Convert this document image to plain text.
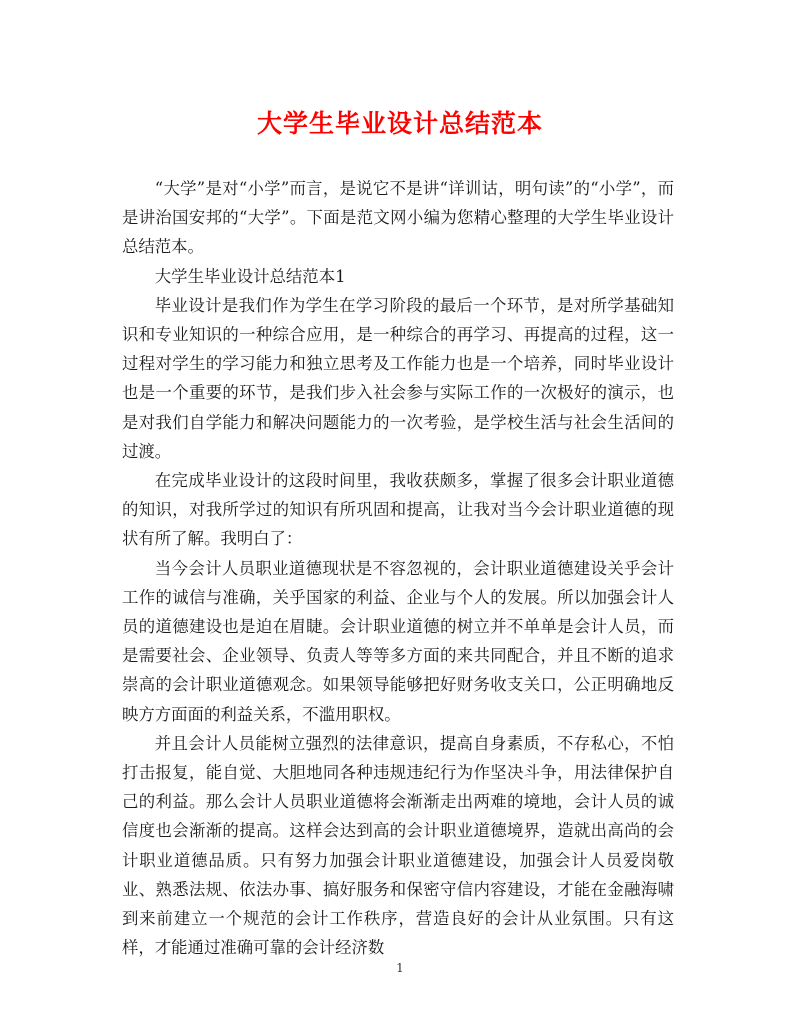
大学生毕业设计总结范本

“大学”是对“小学”而言，是说它不是讲“详训诂，明句读”的“小学”，而是讲治国安邦的“大学”。下面是范文网小编为您精心整理的大学生毕业设计总结范本。

大学生毕业设计总结范本1

毕业设计是我们作为学生在学习阶段的最后一个环节，是对所学基础知识和专业知识的一种综合应用，是一种综合的再学习、再提高的过程，这一过程对学生的学习能力和独立思考及工作能力也是一个培养，同时毕业设计也是一个重要的环节，是我们步入社会参与实际工作的一次极好的演示，也是对我们自学能力和解决问题能力的一次考验，是学校生活与社会生活间的过渡。

在完成毕业设计的这段时间里，我收获颇多，掌握了很多会计职业道德的知识，对我所学过的知识有所巩固和提高，让我对当今会计职业道德的现状有所了解。我明白了：

当今会计人员职业道德现状是不容忽视的，会计职业道德建设关乎会计工作的诚信与准确，关乎国家的利益、企业与个人的发展。所以加强会计人员的道德建设也是迫在眉睫。会计职业道德的树立并不单单是会计人员，而是需要社会、企业领导、负责人等等多方面的来共同配合，并且不断的追求崇高的会计职业道德观念。如果领导能够把好财务收支关口，公正明确地反映方方面面的利益关系，不滥用职权。

并且会计人员能树立强烈的法律意识，提高自身素质，不存私心，不怕打击报复，能自觉、大胆地同各种违规违纪行为作坚决斗争，用法律保护自己的利益。那么会计人员职业道德将会渐渐走出两难的境地，会计人员的诚信度也会渐渐的提高。这样会达到高的会计职业道德境界，造就出高尚的会计职业道德品质。只有努力加强会计职业道德建设，加强会计人员爱岗敬业、熟悉法规、依法办事、搞好服务和保密守信内容建设，才能在金融海啸到来前建立一个规范的会计工作秩序，营造良好的会计从业氛围。只有这样，才能通过准确可靠的会计经济数

1
